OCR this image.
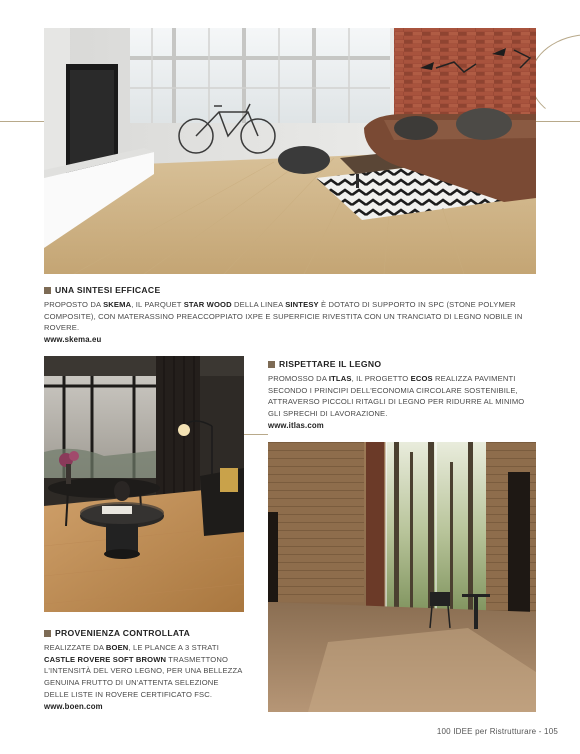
UNA SINTESI EFFICACE
PROPOSTO DA SKEMA, IL PARQUET STAR WOOD DELLA LINEA SINTESY È DOTATO DI SUPPORTO IN SPC (STONE POLYMER COMPOSITE), CON MATERASSINO PREACCOPPIATO IXPE E SUPERFICIE RIVESTITA CON UN TRANCIATO DI LEGNO NOBILE IN ROVERE.
www.skema.eu
RISPETTARE IL LEGNO
PROMOSSO DA ITLAS, IL PROGETTO ECOS REALIZZA PAVIMENTI SECONDO I PRINCIPI DELL'ECONOMIA CIRCOLARE SOSTENIBILE, ATTRAVERSO PICCOLI RITAGLI DI LEGNO PER RIDURRE AL MINIMO GLI SPRECHI DI LAVORAZIONE.
www.itlas.com
PROVENIENZA CONTROLLATA
REALIZZATE DA BOEN, LE PLANCE A 3 STRATI CASTLE ROVERE SOFT BROWN TRASMETTONO L'INTENSITÀ DEL VERO LEGNO, PER UNA BELLEZZA GENUINA FRUTTO DI UN'ATTENTA SELEZIONE DELLE LISTE IN ROVERE CERTIFICATO FSC.
www.boen.com
100 IDEE per Ristrutturare - 105
